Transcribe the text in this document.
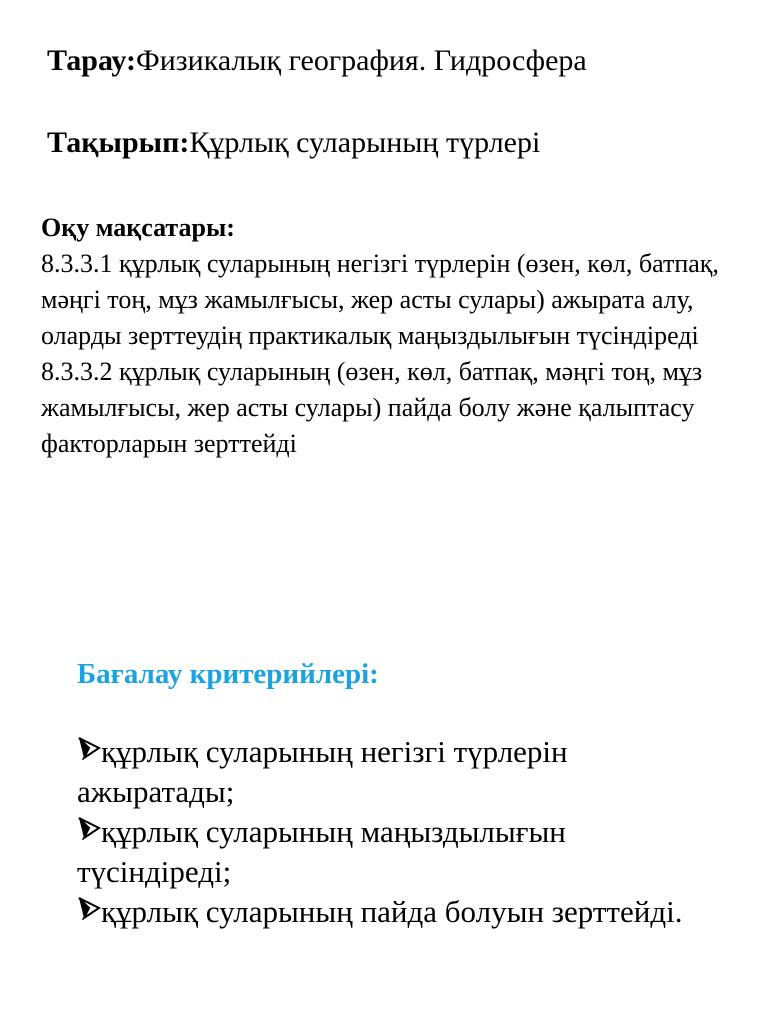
Тарау:Физикалық география. Гидросфера
Тақырып:Құрлық суларының түрлері
Оқу мақсатары:
8.3.3.1 құрлық суларының негізгі түрлерін (өзен, көл, батпақ, мәңгі тоң, мұз жамылғысы, жер асты сулары) ажырата алу, оларды зерттеудің практикалық маңыздылығын түсіндіреді
8.3.3.2 құрлық суларының (өзен, көл, батпақ, мәңгі тоң, мұз жамылғысы, жер асты сулары) пайда болу және қалыптасу факторларын зерттейді
Бағалау критерийлері:
құрлық суларының негізгі түрлерін ажыратады;
құрлық суларының маңыздылығын түсіндіреді;
құрлық суларының пайда болуын зерттейді.
